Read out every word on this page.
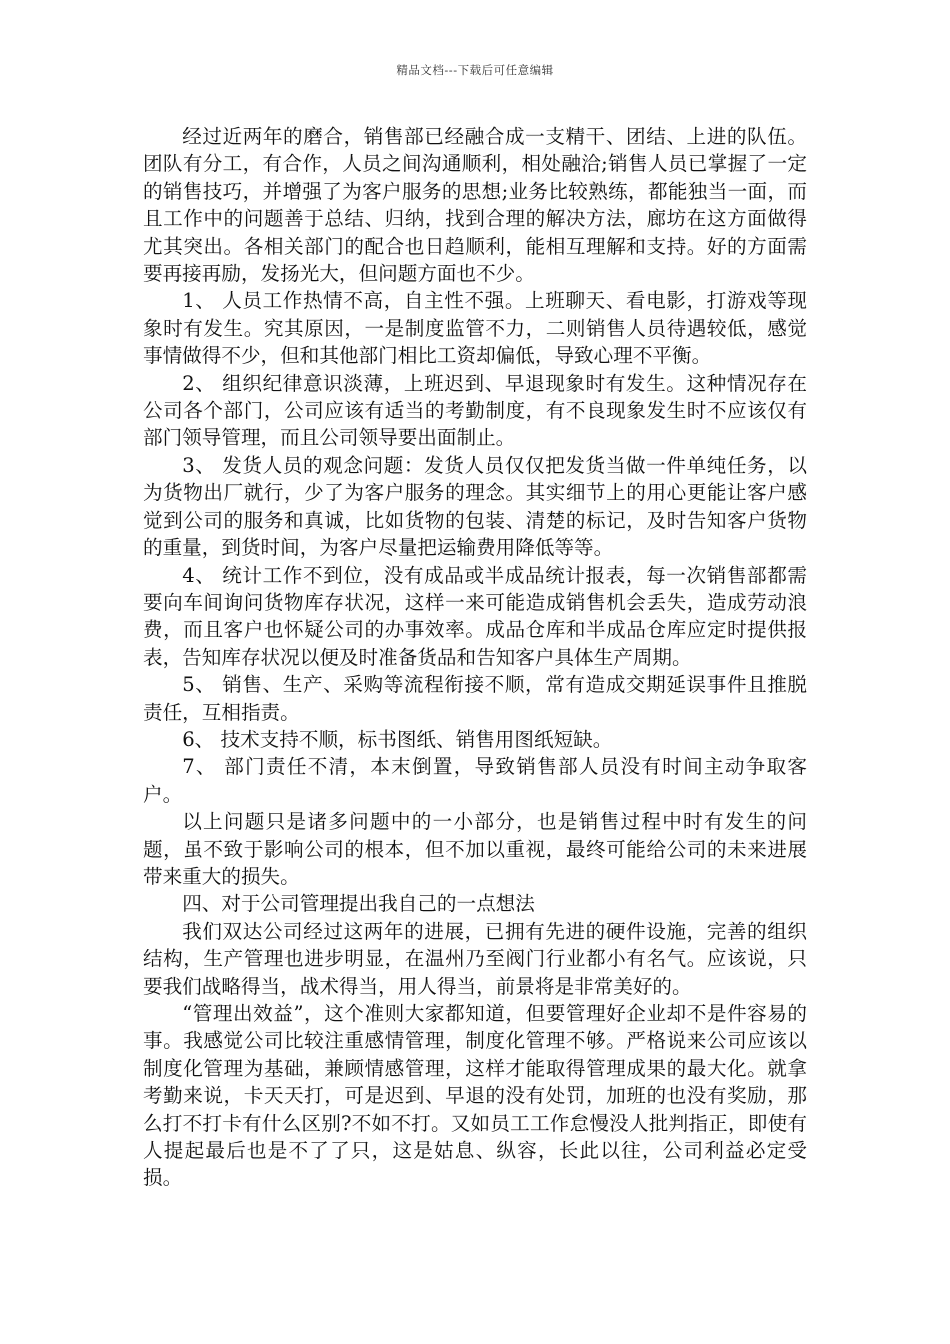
精品文档---下载后可任意编辑

经过近两年的磨合，销售部已经融合成一支精干、团结、上进的队伍。团队有分工，有合作，人员之间沟通顺利，相处融洽;销售人员已掌握了一定的销售技巧，并增强了为客户服务的思想;业务比较熟练，都能独当一面，而且工作中的问题善于总结、归纳，找到合理的解决方法，廊坊在这方面做得尤其突出。各相关部门的配合也日趋顺利，能相互理解和支持。好的方面需要再接再励，发扬光大，但问题方面也不少。

1、 人员工作热情不高，自主性不强。上班聊天、看电影，打游戏等现象时有发生。究其原因，一是制度监管不力，二则销售人员待遇较低，感觉事情做得不少，但和其他部门相比工资却偏低，导致心理不平衡。

2、 组织纪律意识淡薄，上班迟到、早退现象时有发生。这种情况存在公司各个部门，公司应该有适当的考勤制度，有不良现象发生时不应该仅有部门领导管理，而且公司领导要出面制止。

3、 发货人员的观念问题：发货人员仅仅把发货当做一件单纯任务，以为货物出厂就行，少了为客户服务的理念。其实细节上的用心更能让客户感觉到公司的服务和真诚，比如货物的包装、清楚的标记，及时告知客户货物的重量，到货时间，为客户尽量把运输费用降低等等。

4、 统计工作不到位，没有成品或半成品统计报表，每一次销售部都需要向车间询问货物库存状况，这样一来可能造成销售机会丢失，造成劳动浪费，而且客户也怀疑公司的办事效率。成品仓库和半成品仓库应定时提供报表，告知库存状况以便及时准备货品和告知客户具体生产周期。

5、 销售、生产、采购等流程衔接不顺，常有造成交期延误事件且推脱责任，互相指责。

6、 技术支持不顺，标书图纸、销售用图纸短缺。

7、 部门责任不清，本末倒置，导致销售部人员没有时间主动争取客户。

以上问题只是诸多问题中的一小部分，也是销售过程中时有发生的问题，虽不致于影响公司的根本，但不加以重视，最终可能给公司的未来进展带来重大的损失。

四、对于公司管理提出我自己的一点想法

我们双达公司经过这两年的进展，已拥有先进的硬件设施，完善的组织结构，生产管理也进步明显，在温州乃至阀门行业都小有名气。应该说，只要我们战略得当，战术得当，用人得当，前景将是非常美好的。

“管理出效益”，这个准则大家都知道，但要管理好企业却不是件容易的事。我感觉公司比较注重感情管理，制度化管理不够。严格说来公司应该以制度化管理为基础，兼顾情感管理，这样才能取得管理成果的最大化。就拿考勤来说，卡天天打，可是迟到、早退的没有处罚，加班的也没有奖励，那么打不打卡有什么区别?不如不打。又如员工工作怠慢没人批判指正，即使有人提起最后也是不了了只，这是姑息、纵容，长此以往，公司利益必定受损。
